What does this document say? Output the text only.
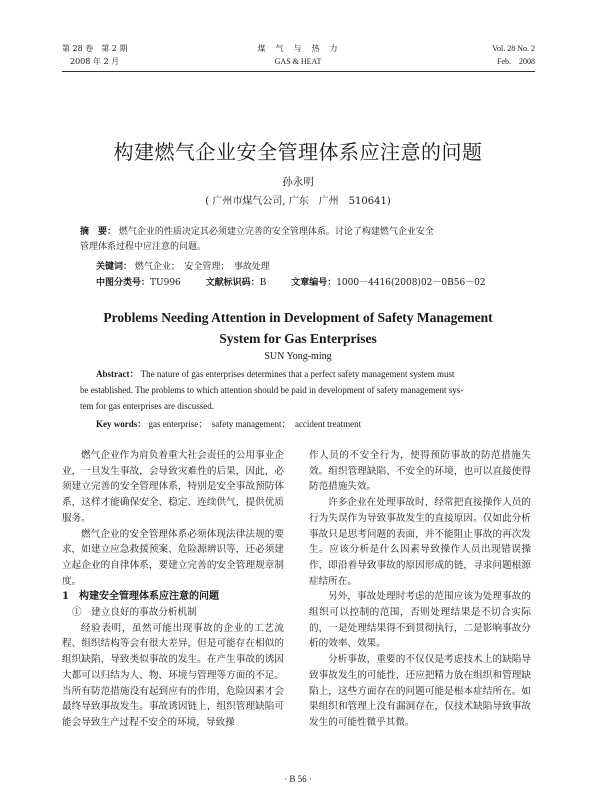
第 28 卷　第 2 期
2008 年 2 月
煤　气　与　热　力
GAS & HEAT
Vol. 28 No. 2
Feb.　2008
构建燃气企业安全管理体系应注意的问题
孙永明
( 广州市煤气公司, 广东　广州　510641)
摘　要： 燃气企业的性质决定其必须建立完善的安全管理体系。讨论了构建燃气企业安全
管理体系过程中应注意的问题。
关键词： 燃气企业；　安全管理；　事故处理
中图分类号：TU996	文献标识码：B	文章编号：1000－4416(2008)02－0B56－02
Problems Needing Attention in Development of Safety Management
System for Gas Enterprises
SUN Yong-ming
Abstract： The nature of gas enterprises determines that a perfect safety management system must
be established. The problems to which attention should be paid in development of safety management sys-
tem for gas enterprises are discussed.
Key words： gas enterprise；　safety management；　accident treatment

燃气企业作为肩负着重大社会责任的公用事业企业，一旦发生事故，会导致灾难性的后果，因此，必须建立完善的安全管理体系，特别是安全事故预防体系，这样才能确保安全、稳定、连续供气，提供优质服务。

燃气企业的安全管理体系必须体现法律法规的要求，如建立应急救援预案、危险源辨识等，还必须建立起企业的自律体系，要建立完善的安全管理规章制度。

1　构建安全管理体系应注意的问题

①　建立良好的事故分析机制

经验表明，虽然可能出现事故的企业的工艺流程、组织结构等会有很大差异，但是可能存在相似的组织缺陷，导致类似事故的发生。在产生事故的诱因大都可以归结为人、物、环境与管理等方面的不足。当所有防范措施没有起到应有的作用，危险因素才会最终导致事故发生。事故诱因链上，组织管理缺陷可能会导致生产过程不安全的环境，导致操

作人员的不安全行为，使得预防事故的防范措施失效。组织管理缺陷、不安全的环境，也可以直接使得防范措施失效。

许多企业在处理事故时，经常把直接操作人员的行为失误作为导致事故发生的直接原因。仅如此分析事故只是思考问题的表面，并不能阻止事故的再次发生。应该分析是什么因素导致操作人员出现错误操作，即沿着导致事故的原因形成的链，寻求问题根源症结所在。

另外，事故处理时考虑的范围应该为处理事故的组织可以控制的范围，否则处理结果是不切合实际的，一是处理结果得不到贯彻执行，二是影响事故分析的效率、效果。

分析事故，重要的不仅仅是考虑技术上的缺陷导致事故发生的可能性，还应把精力放在组织和管理缺陷上，这些方面存在的问题可能是根本症结所在。如果组织和管理上没有漏洞存在，仅技术缺陷导致事故发生的可能性微乎其微。

· B 56 ·
